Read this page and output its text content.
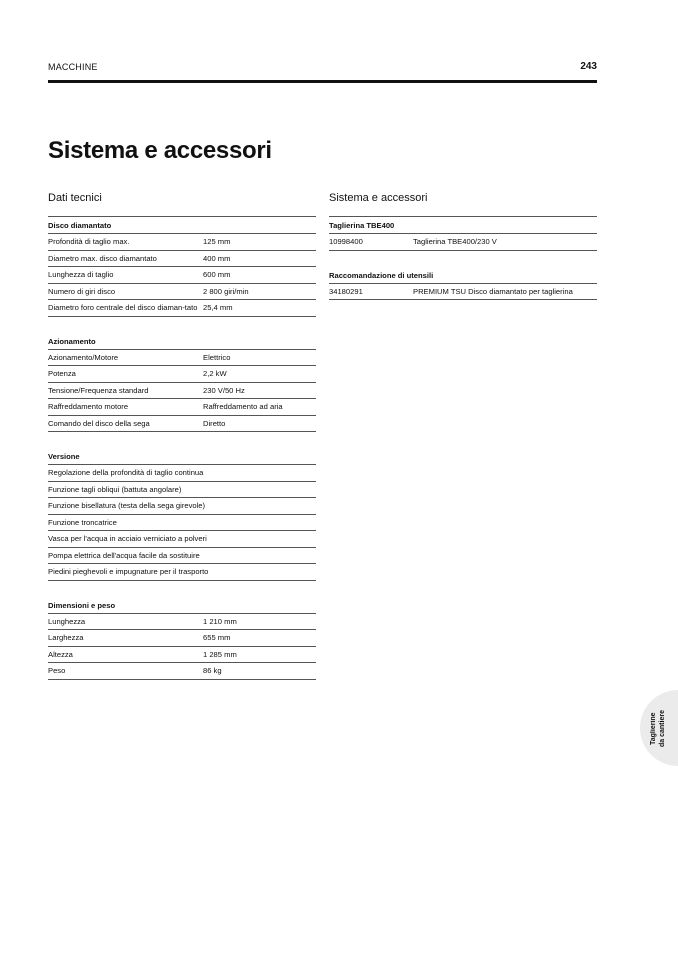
MACCHINE	243
Sistema e accessori
Dati tecnici
Disco diamantato
Profondità di taglio max.	125 mm
Diametro max. disco diamantato	400 mm
Lunghezza di taglio	600 mm
Numero di giri disco	2 800 giri/min
Diametro foro centrale del disco diaman-tato 25,4 mm
Azionamento
Azionamento/Motore	Elettrico
Potenza	2,2 kW
Tensione/Frequenza standard	230 V/50 Hz
Raffreddamento motore	Raffreddamento ad aria
Comando del disco della sega	Diretto
Versione
Regolazione della profondità di taglio continua
Funzione tagli obliqui (battuta angolare)
Funzione bisellatura (testa della sega girevole)
Funzione troncatrice
Vasca per l'acqua in acciaio verniciato a polveri
Pompa elettrica dell'acqua facile da sostituire
Piedini pieghevoli e impugnature per il trasporto
Dimensioni e peso
Lunghezza	1 210 mm
Larghezza	655 mm
Altezza	1 285 mm
Peso	86 kg
Sistema e accessori
Taglierina TBE400
10998400	Taglierina TBE400/230 V
Raccomandazione di utensili
34180291	PREMIUM TSU Disco diamantato per taglierina
Taglierine da cantiere
